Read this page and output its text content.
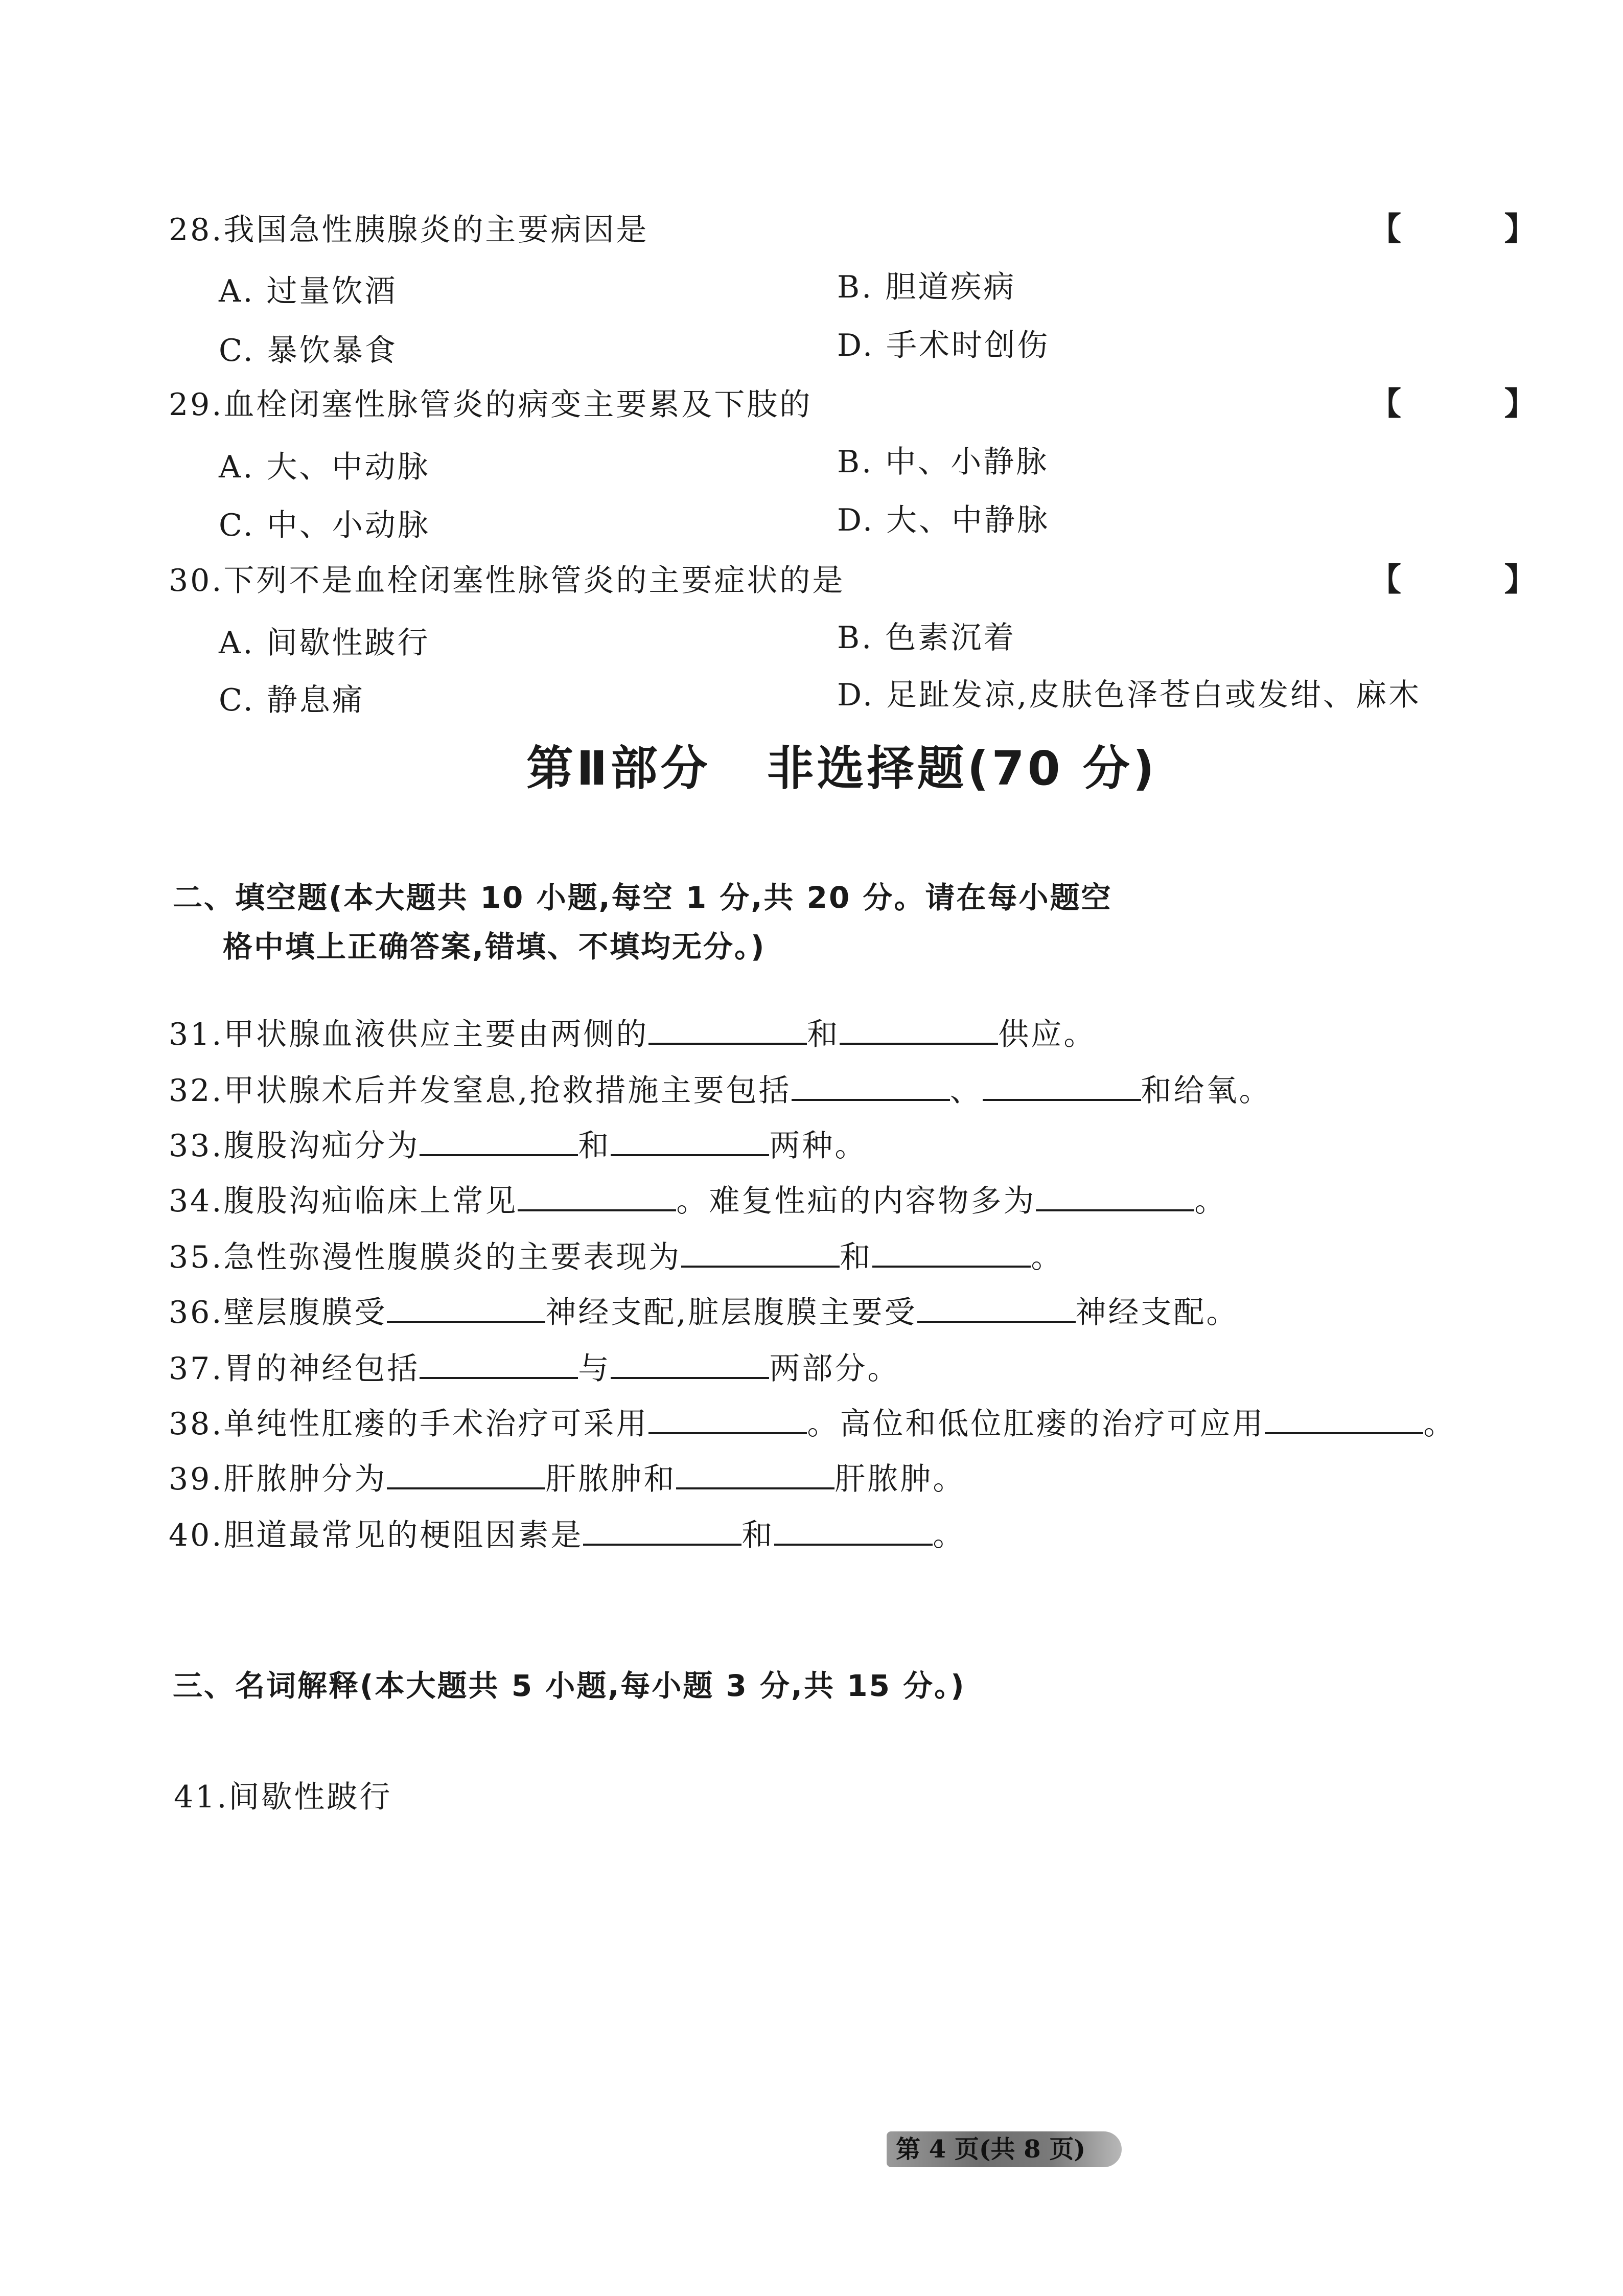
28.我国急性胰腺炎的主要病因是	【 】
A. 过量饮酒	B. 胆道疾病
C. 暴饮暴食	D. 手术时创伤
29.血栓闭塞性脉管炎的病变主要累及下肢的	【 】
A. 大、中动脉	B. 中、小静脉
C. 中、小动脉	D. 大、中静脉
30.下列不是血栓闭塞性脉管炎的主要症状的是	【 】
A. 间歇性跛行	B. 色素沉着
C. 静息痛	D. 足趾发凉,皮肤色泽苍白或发绀、麻木
第Ⅱ部分 非选择题(70 分)
二、填空题(本大题共 10 小题,每空 1 分,共 20 分。请在每小题空
格中填上正确答案,错填、不填均无分。)
31.甲状腺血液供应主要由两侧的	和	供应。
32.甲状腺术后并发窒息,抢救措施主要包括	、	和给氧。
33.腹股沟疝分为	和	两种。
34.腹股沟疝临床上常见	。难复性疝的内容物多为	。
35.急性弥漫性腹膜炎的主要表现为	和	。
36.壁层腹膜受	神经支配,脏层腹膜主要受	神经支配。
37.胃的神经包括	与	两部分。
38.单纯性肛瘘的手术治疗可采用	。高位和低位肛瘘的治疗可应用	。
39.肝脓肿分为	肝脓肿和	肝脓肿。
40.胆道最常见的梗阻因素是	和	。
三、名词解释(本大题共 5 小题,每小题 3 分,共 15 分。)
41.间歇性跛行
第 4 页(共 8 页)
